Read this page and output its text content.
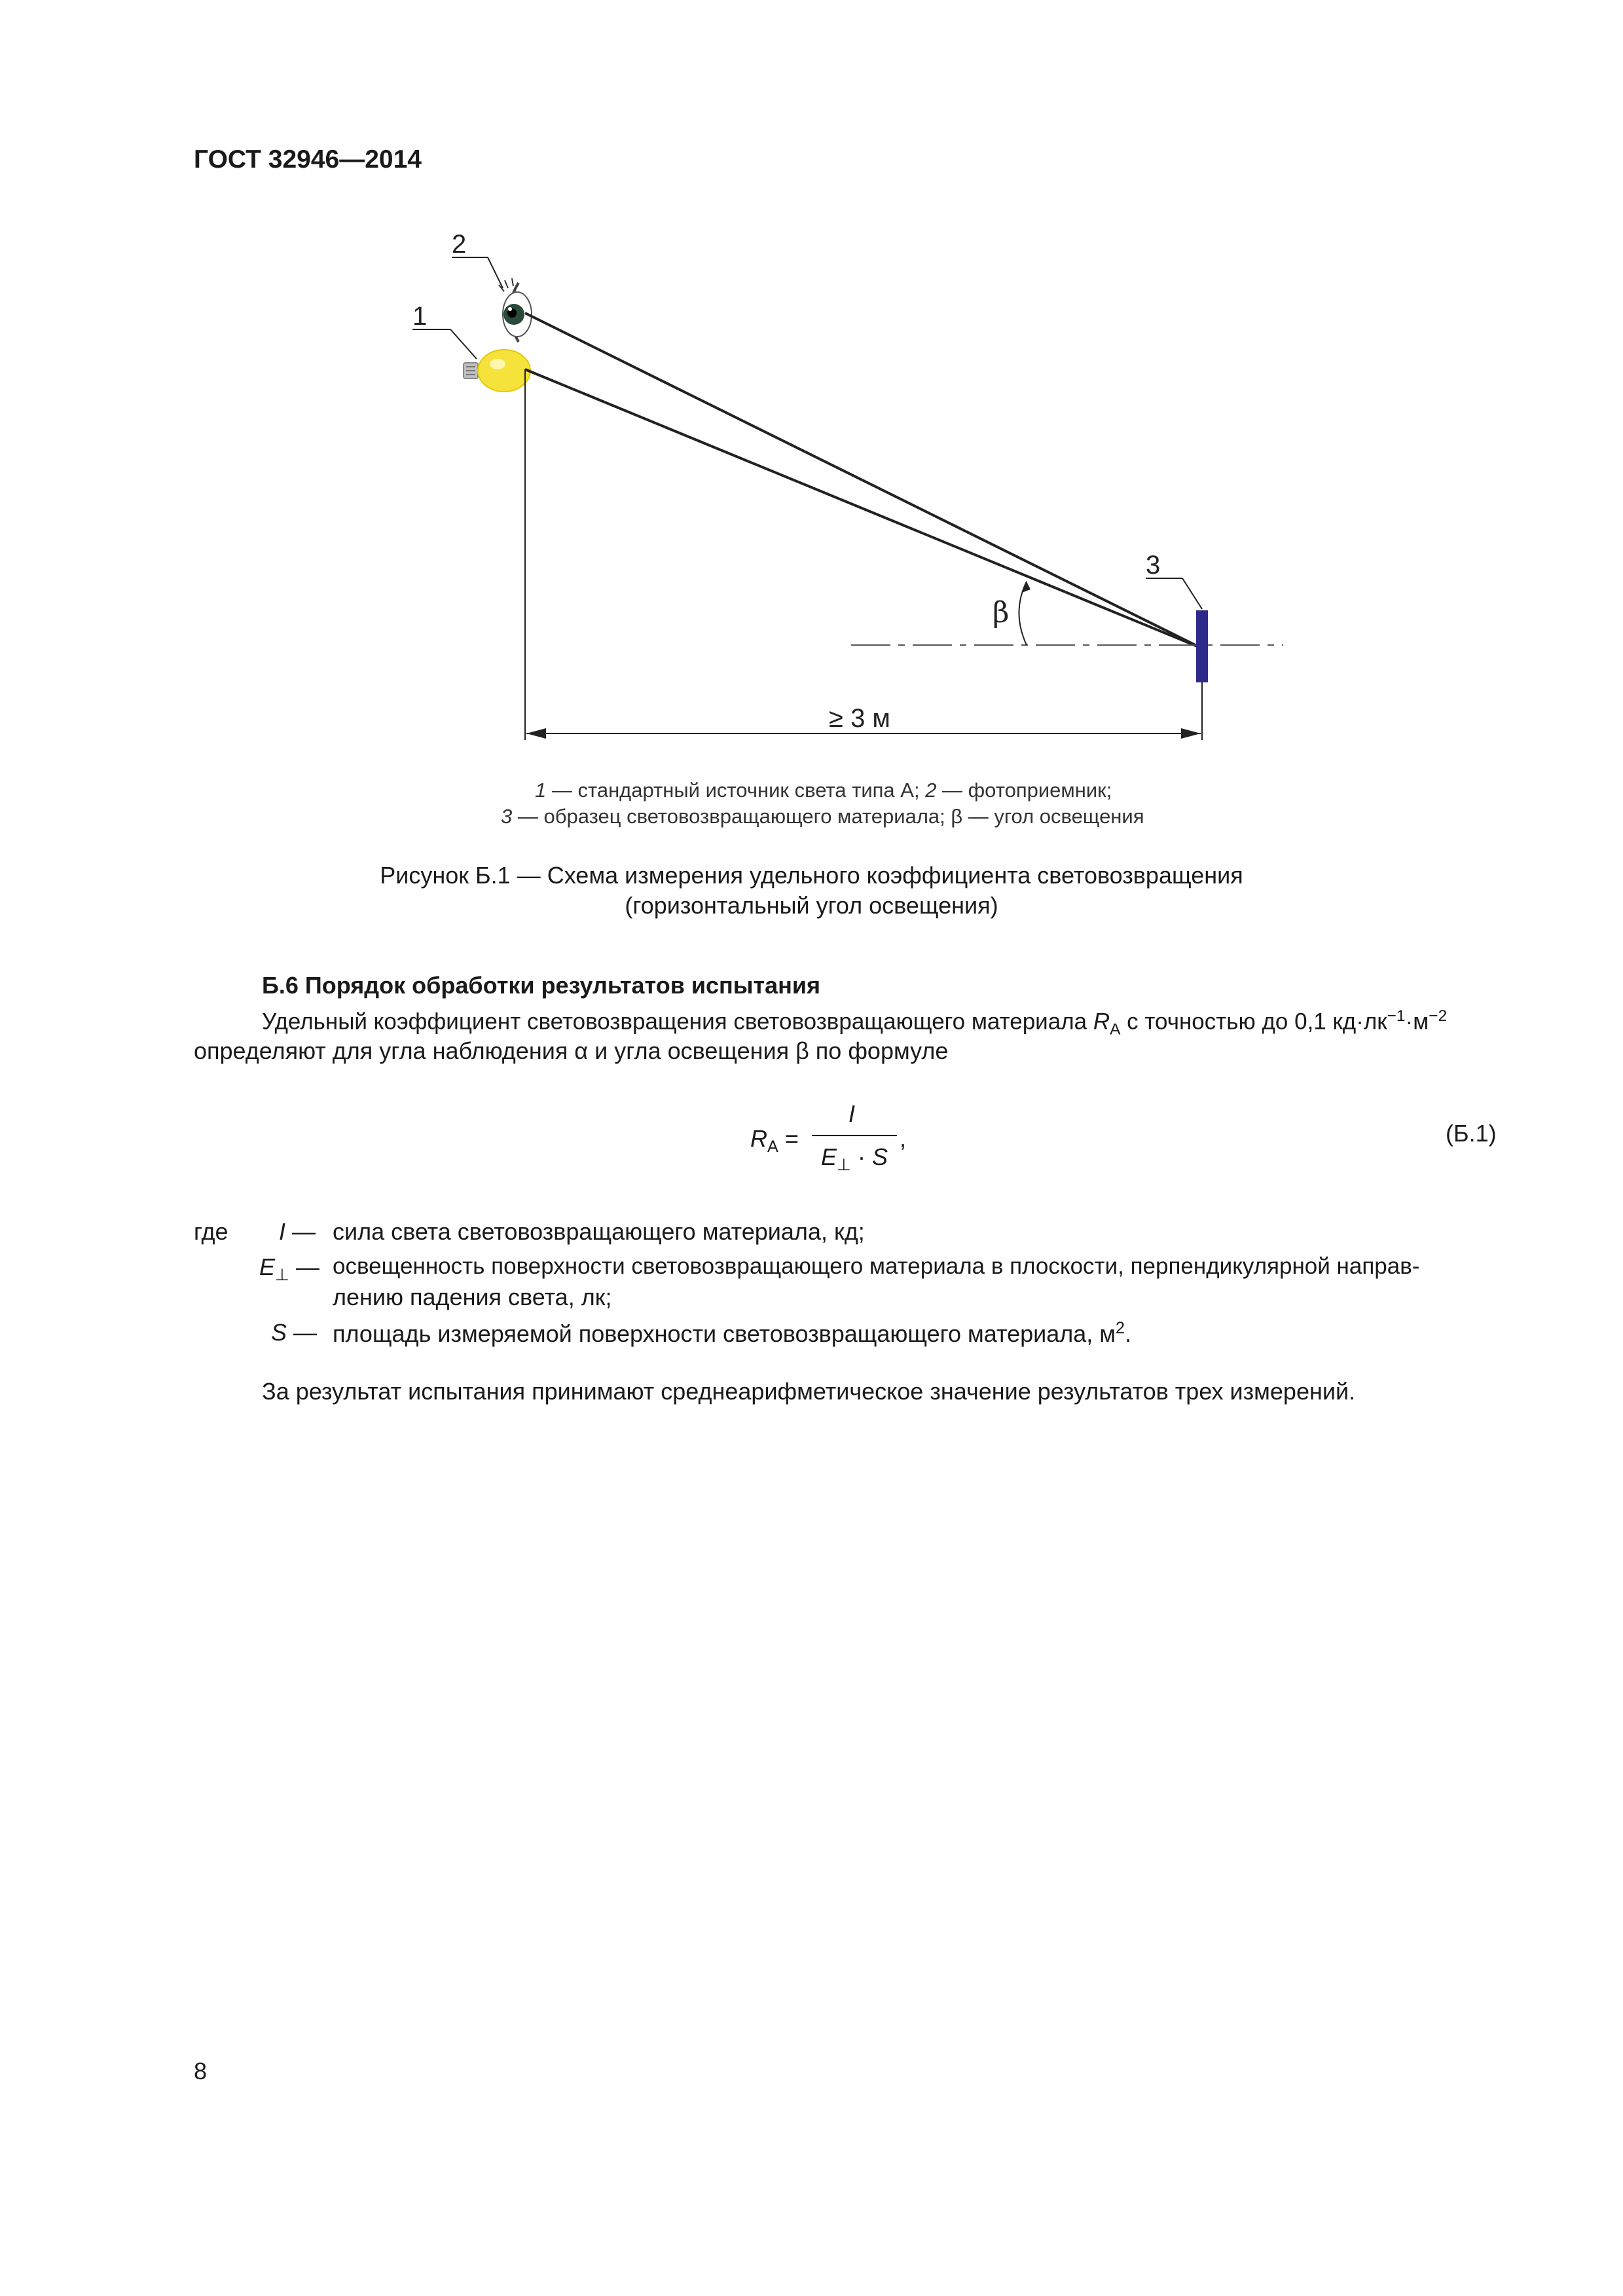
ГОСТ 32946—2014
2
1
β
3
≥ 3 м
1 — стандартный источник света типа А; 2 — фотоприемник;
3 — образец световозвращающего материала; β — угол освещения
Рисунок Б.1 — Схема измерения удельного коэффициента световозвращения
(горизонтальный угол освещения)
Б.6 Порядок обработки результатов испытания
Удельный коэффициент световозвращения световозвращающего материала $R_А$ с точностью до 0,1 $кд\cdot лк^{-1}\cdot м^{-2}$
определяют для угла наблюдения α и угла освещения β по формуле
$R_А$ =
I
$E_\perp \cdot S$
,	(Б.1)
где I — сила света световозвращающего материала, кд;
$E_\perp$ — освещенность поверхности световозвращающего материала в плоскости, перпендикулярной направ-
лению падения света, лк;
S — площадь измеряемой поверхности световозвращающего материала, $м^2$.
За результат испытания принимают среднеарифметическое значение результатов трех измерений.
8
